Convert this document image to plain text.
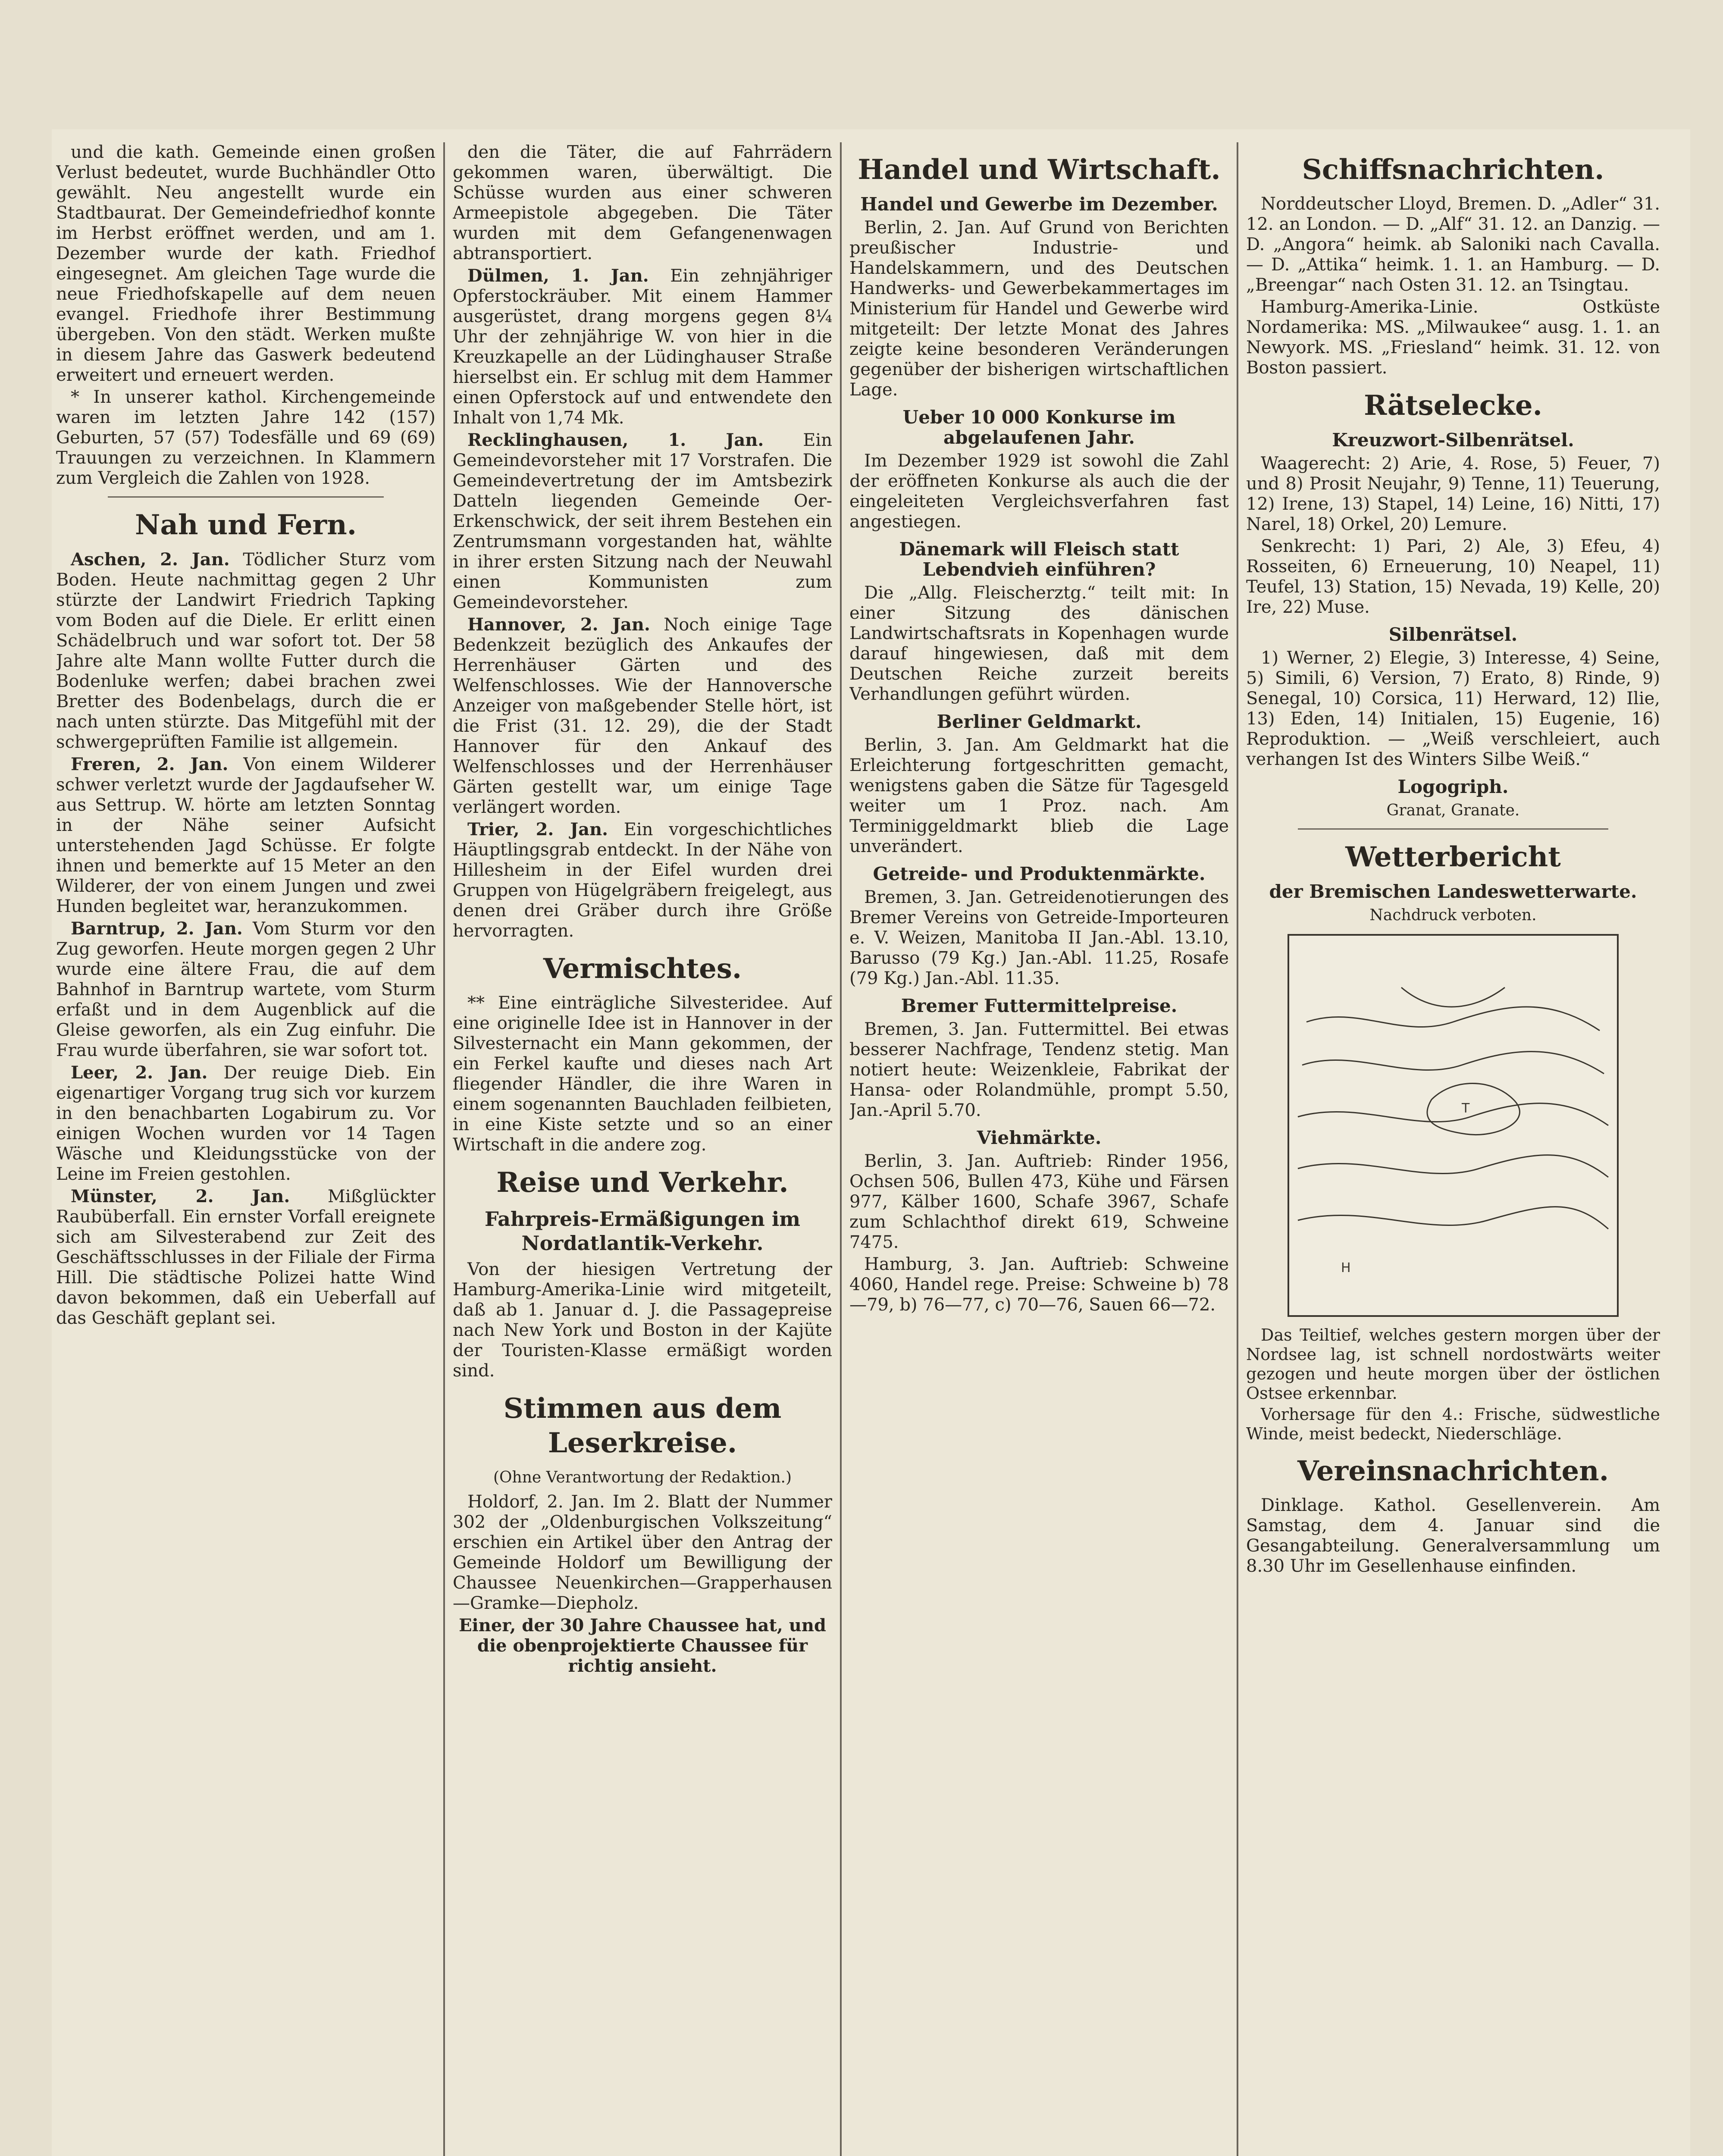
und die kath. Gemeinde einen großen Verlust bedeutet, wurde Buchhändler Otto gewählt. Neu angestellt wurde ein Stadtbaurat. Der Gemeindefriedhof konnte im Herbst eröffnet werden, und am 1. Dezember wurde der kath. Friedhof eingesegnet. Am gleichen Tage wurde die neue Friedhofskapelle auf dem neuen evangel. Friedhofe ihrer Bestimmung übergeben. Von den städt. Werken mußte in diesem Jahre das Gaswerk bedeutend erweitert und erneuert werden.

* In unserer kathol. Kirchengemeinde waren im letzten Jahre 142 (157) Geburten, 57 (57) Todesfälle und 69 (69) Trauungen zu verzeichnen. In Klammern zum Vergleich die Zahlen von 1928.

Nah und Fern.

Aschen, 2. Jan. Tödlicher Sturz vom Boden. Heute nachmittag gegen 2 Uhr stürzte der Landwirt Friedrich Tapking vom Boden auf die Diele. Er erlitt einen Schädelbruch und war sofort tot. Der 58 Jahre alte Mann wollte Futter durch die Bodenluke werfen; dabei brachen zwei Bretter des Bodenbelags, durch die er nach unten stürzte. Das Mitgefühl mit der schwergeprüften Familie ist allgemein.

Freren, 2. Jan. Von einem Wilderer schwer verletzt wurde der Jagdaufseher W. aus Settrup. W. hörte am letzten Sonntag in der Nähe seiner Aufsicht unterstehenden Jagd Schüsse. Er folgte ihnen und bemerkte auf 15 Meter an den Wilderer, der von einem Jungen und zwei Hunden begleitet war, heranzukommen.

Barntrup, 2. Jan. Vom Sturm vor den Zug geworfen. Heute morgen gegen 2 Uhr wurde eine ältere Frau, die auf dem Bahnhof in Barntrup wartete, vom Sturm erfaßt und in dem Augenblick auf die Gleise geworfen, als ein Zug einfuhr. Die Frau wurde überfahren, sie war sofort tot.

Leer, 2. Jan. Der reuige Dieb. Ein eigenartiger Vorgang trug sich vor kurzem in den benachbarten Logabirum zu. Vor einigen Wochen wurden vor 14 Tagen Wäsche und Kleidungsstücke von der Leine im Freien gestohlen.

Münster, 2. Jan. Mißglückter Raubüberfall. Ein ernster Vorfall ereignete sich am Silvesterabend zur Zeit des Geschäftsschlusses in der Filiale der Firma Hill. Die städtische Polizei hatte Wind davon bekommen, daß ein Ueberfall auf das Geschäft geplant sei.

den die Täter, die auf Fahrrädern gekommen waren, überwältigt. Die Schüsse wurden aus einer schweren Armeepistole abgegeben. Die Täter wurden mit dem Gefangenenwagen abtransportiert.

Dülmen, 1. Jan. Ein zehnjähriger Opferstockräuber. Mit einem Hammer ausgerüstet, drang morgens gegen 8¼ Uhr der zehnjährige W. von hier in die Kreuzkapelle an der Lüdinghauser Straße hierselbst ein. Er schlug mit dem Hammer einen Opferstock auf und entwendete den Inhalt von 1,74 Mk.

Recklinghausen, 1. Jan. Ein Gemeindevorsteher mit 17 Vorstrafen. Die Gemeindevertretung der im Amtsbezirk Datteln liegenden Gemeinde Oer-Erkenschwick, der seit ihrem Bestehen ein Zentrumsmann vorgestanden hat, wählte in ihrer ersten Sitzung nach der Neuwahl einen Kommunisten zum Gemeindevorsteher.

Hannover, 2. Jan. Noch einige Tage Bedenkzeit bezüglich des Ankaufes der Herrenhäuser Gärten und des Welfenschlosses. Wie der Hannoversche Anzeiger von maßgebender Stelle hört, ist die Frist (31. 12. 29), die der Stadt Hannover für den Ankauf des Welfenschlosses und der Herrenhäuser Gärten gestellt war, um einige Tage verlängert worden.

Trier, 2. Jan. Ein vorgeschichtliches Häuptlingsgrab entdeckt. In der Nähe von Hillesheim in der Eifel wurden drei Gruppen von Hügelgräbern freigelegt, aus denen drei Gräber durch ihre Größe hervorragten.

Vermischtes.

** Eine einträgliche Silvesteridee. Auf eine originelle Idee ist in Hannover in der Silvesternacht ein Mann gekommen, der ein Ferkel kaufte und dieses nach Art fliegender Händler, die ihre Waren in einem sogenannten Bauchladen feilbieten, in eine Kiste setzte und so an einer Wirtschaft in die andere zog.

Reise und Verkehr.
Fahrpreis-Ermäßigungen im Nordatlantik-Verkehr.

Von der hiesigen Vertretung der Hamburg-Amerika-Linie wird mitgeteilt, daß ab 1. Januar d. J. die Passagepreise nach New York und Boston in der Kajüte der Touristen-Klasse ermäßigt worden sind.

Stimmen aus dem Leserkreise.
(Ohne Verantwortung der Redaktion.)

Holdorf, 2. Jan. Im 2. Blatt der Nummer 302 der „Oldenburgischen Volkszeitung“ erschien ein Artikel über den Antrag der Gemeinde Holdorf um Bewilligung der Chaussee Neuenkirchen—Grapperhausen—Gramke—Diepholz.

Einer, der 30 Jahre Chaussee hat, und die obenprojektierte Chaussee für richtig ansieht.

Handel und Wirtschaft.
Handel und Gewerbe im Dezember.

Berlin, 2. Jan. Auf Grund von Berichten preußischer Industrie- und Handelskammern, und des Deutschen Handwerks- und Gewerbekammertages im Ministerium für Handel und Gewerbe wird mitgeteilt: Der letzte Monat des Jahres zeigte keine besonderen Veränderungen gegenüber der bisherigen wirtschaftlichen Lage.

Ueber 10 000 Konkurse im abgelaufenen Jahr.

Im Dezember 1929 ist sowohl die Zahl der eröffneten Konkurse als auch die der eingeleiteten Vergleichsverfahren fast angestiegen.

Dänemark will Fleisch statt Lebendvieh einführen?

Die „Allg. Fleischerztg.“ teilt mit: In einer Sitzung des dänischen Landwirtschaftsrats in Kopenhagen wurde darauf hingewiesen, daß mit dem Deutschen Reiche zurzeit bereits Verhandlungen geführt würden.

Berliner Geldmarkt.

Berlin, 3. Jan. Am Geldmarkt hat die Erleichterung fortgeschritten gemacht, wenigstens gaben die Sätze für Tagesgeld weiter um 1 Proz. nach. Am Terminiggeldmarkt blieb die Lage unverändert.

Getreide- und Produktenmärkte.

Bremen, 3. Jan. Getreidenotierungen des Bremer Vereins von Getreide-Importeuren e. V. Weizen, Manitoba II Jan.-Abl. 13.10, Barusso (79 Kg.) Jan.-Abl. 11.25, Rosafe (79 Kg.) Jan.-Abl. 11.35.

Bremer Futtermittelpreise.

Bremen, 3. Jan. Futtermittel. Bei etwas besserer Nachfrage, Tendenz stetig. Man notiert heute: Weizenkleie, Fabrikat der Hansa- oder Rolandmühle, prompt 5.50, Jan.-April 5.70.

Viehmärkte.

Berlin, 3. Jan. Auftrieb: Rinder 1956, Ochsen 506, Bullen 473, Kühe und Färsen 977, Kälber 1600, Schafe 3967, Schafe zum Schlachthof direkt 619, Schweine 7475.

Hamburg, 3. Jan. Auftrieb: Schweine 4060, Handel rege. Preise: Schweine b) 78—79, b) 76—77, c) 70—76, Sauen 66—72.

Schiffsnachrichten.

Norddeutscher Lloyd, Bremen. D. „Adler“ 31. 12. an London. — D. „Alf“ 31. 12. an Danzig. — D. „Angora“ heimk. ab Saloniki nach Cavalla. — D. „Attika“ heimk. 1. 1. an Hamburg. — D. „Breengar“ nach Osten 31. 12. an Tsingtau.

Hamburg-Amerika-Linie. Ostküste Nordamerika: MS. „Milwaukee“ ausg. 1. 1. an Newyork. MS. „Friesland“ heimk. 31. 12. von Boston passiert.

Rätselecke.
Kreuzwort-Silbenrätsel.

Waagerecht: 2) Arie, 4. Rose, 5) Feuer, 7) und 8) Prosit Neujahr, 9) Tenne, 11) Teuerung, 12) Irene, 13) Stapel, 14) Leine, 16) Nitti, 17) Narel, 18) Orkel, 20) Lemure.

Senkrecht: 1) Pari, 2) Ale, 3) Efeu, 4) Rosseiten, 6) Erneuerung, 10) Neapel, 11) Teufel, 13) Station, 15) Nevada, 19) Kelle, 20) Ire, 22) Muse.

Silbenrätsel.

1) Werner, 2) Elegie, 3) Interesse, 4) Seine, 5) Simili, 6) Version, 7) Erato, 8) Rinde, 9) Senegal, 10) Corsica, 11) Herward, 12) Ilie, 13) Eden, 14) Initialen, 15) Eugenie, 16) Reproduktion. — „Weiß verschleiert, auch verhangen Ist des Winters Silbe Weiß.“

Logogriph.
Granat, Granate.
Wetterbericht
der Bremischen Landeswetterwarte.
Nachdruck verboten.
T
H

Das Teiltief, welches gestern morgen über der Nordsee lag, ist schnell nordostwärts weiter gezogen und heute morgen über der östlichen Ostsee erkennbar.

Vorhersage für den 4.: Frische, südwestliche Winde, meist bedeckt, Niederschläge.

Vereinsnachrichten.

Dinklage. Kathol. Gesellenverein. Am Samstag, dem 4. Januar sind die Gesangabteilung. Generalversammlung um 8.30 Uhr im Gesellenhause einfinden.
